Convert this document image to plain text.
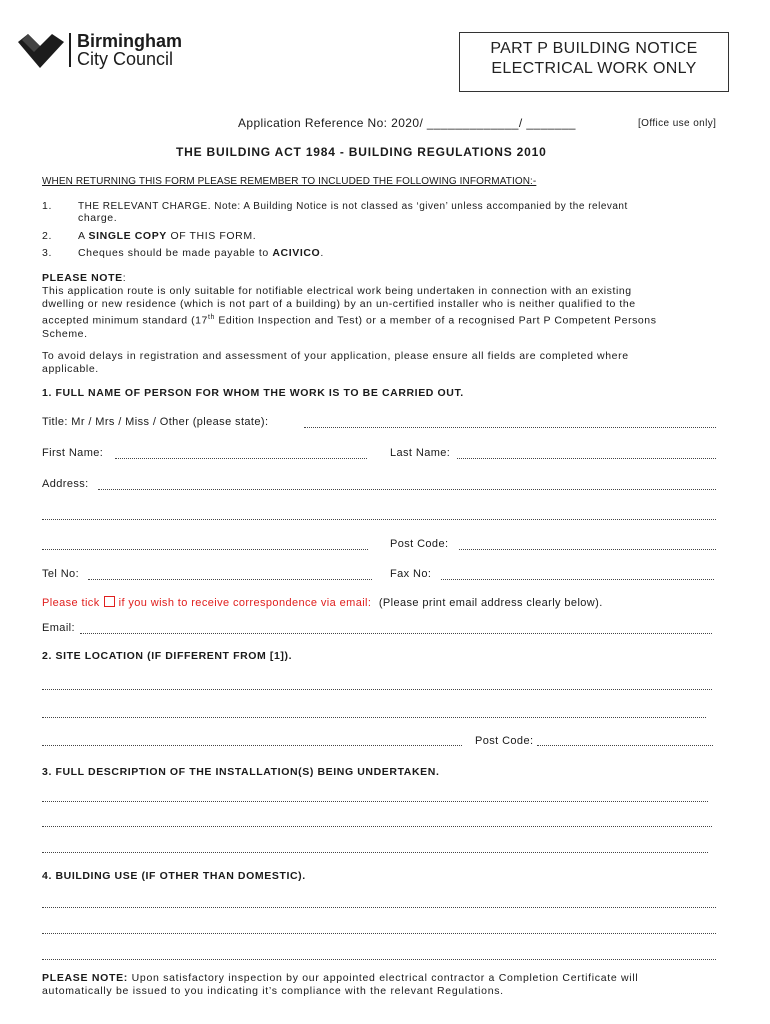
Birmingham
City Council
PART P BUILDING NOTICE
ELECTRICAL WORK ONLY
Application Reference No: 2020/ _____________/ _______	[Office use only]
THE BUILDING ACT 1984 - BUILDING REGULATIONS 2010
WHEN RETURNING THIS FORM PLEASE REMEMBER TO INCLUDED THE FOLLOWING INFORMATION:-
1.	THE RELEVANT CHARGE. Note: A Building Notice is not classed as ‘given’ unless accompanied by the relevant
charge.
2. A SINGLE COPY OF THIS FORM.
3. Cheques should be made payable to ACIVICO.
PLEASE NOTE:
This application route is only suitable for notifiable electrical work being undertaken in connection with an existing
dwelling or new residence (which is not part of a building) by an un-certified installer who is neither qualified to the
accepted minimum standard (17th Edition Inspection and Test) or a member of a recognised Part P Competent Persons
Scheme.
To avoid delays in registration and assessment of your application, please ensure all fields are completed where
applicable.
1. FULL NAME OF PERSON FOR WHOM THE WORK IS TO BE CARRIED OUT.
Title: Mr / Mrs / Miss / Other (please state):
First Name:	Last Name:
Address:
Post Code:
Tel No:	Fax No:
Please tick if you wish to receive correspondence via email: (Please print email address clearly below).
Email:
2. SITE LOCATION (IF DIFFERENT FROM [1]).
Post Code:
3. FULL DESCRIPTION OF THE INSTALLATION(S) BEING UNDERTAKEN.
4. BUILDING USE (IF OTHER THAN DOMESTIC).
PLEASE NOTE: Upon satisfactory inspection by our appointed electrical contractor a Completion Certificate will
automatically be issued to you indicating it’s compliance with the relevant Regulations.
